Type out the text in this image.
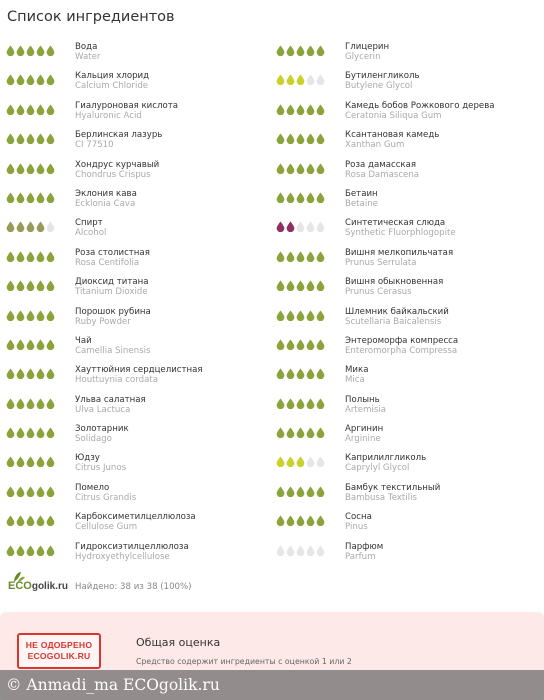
Список ингредиентов
Вода
Water
Кальция хлорид
Calcium Chloride
Гиалуроновая кислота
Hyaluronic Acid
Берлинская лазурь
CI 77510
Хондрус курчавый
Chondrus Crispus
Эклония кава
Ecklonia Cava
Спирт
Alcohol
Роза столистная
Rosa Centifolia
Диоксид титана
Titanium Dioxide
Порошок рубина
Ruby Powder
Чай
Camellia Sinensis
Хауттюйния сердцелистная
Houttuynia cordata
Ульва салатная
Ulva Lactuca
Золотарник
Solidago
Юдзу
Citrus Junos
Помело
Citrus Grandis
Карбоксиметилцеллюлоза
Cellulose Gum
Гидроксиэтилцеллюлоза
Hydroxyethylcellulose
Глицерин
Glycerin
Бутиленгликоль
Butylene Glycol
Камедь бобов Рожкового дерева
Ceratonia Siliqua Gum
Ксантановая камедь
Xanthan Gum
Роза дамасская
Rosa Damascena
Бетаин
Betaine
Синтетическая слюда
Synthetic Fluorphlogopite
Вишня мелкопильчатая
Prunus Serrulata
Вишня обыкновенная
Prunus Cerasus
Шлемник байкальский
Scutellaria Baicalensis
Энтероморфа компресса
Enteromorpha Compressa
Мика
Mica
Полынь
Artemisia
Аргинин
Arginine
Каприлилгликоль
Caprylyl Glycol
Бамбук текстильный
Bambusa Textilis
Сосна
Pinus
Парфюм
Parfum
ECOgolik.ru Найдено: 38 из 38 (100%)
НЕ ОДОБРЕНО
ECOGOLIK.RU
Общая оценка
Средство содержит ингредиенты с оценкой 1 или 2
© Anmadi_ma ECOgolik.ru
